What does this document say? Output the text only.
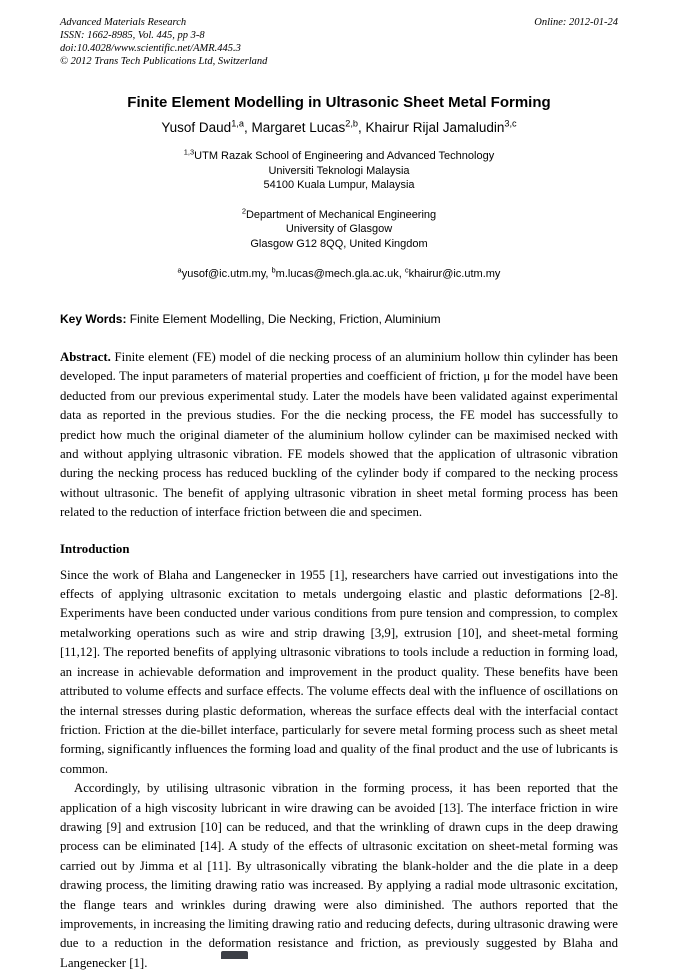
Advanced Materials Research
ISSN: 1662-8985, Vol. 445, pp 3-8
doi:10.4028/www.scientific.net/AMR.445.3
© 2012 Trans Tech Publications Ltd, Switzerland
Online: 2012-01-24
Finite Element Modelling in Ultrasonic Sheet Metal Forming
Yusof Daud$^{1,a}$, Margaret Lucas$^{2,b}$, Khairur Rijal Jamaludin$^{3,c}$
$^{1,3}$UTM Razak School of Engineering and Advanced Technology
Universiti Teknologi Malaysia
54100 Kuala Lumpur, Malaysia
$^2$Department of Mechanical Engineering
University of Glasgow
Glasgow G12 8QQ, United Kingdom
$^a$yusof@ic.utm.my, $^b$m.lucas@mech.gla.ac.uk, $^c$khairur@ic.utm.my
Key Words: Finite Element Modelling, Die Necking, Friction, Aluminium
Abstract. Finite element (FE) model of die necking process of an aluminium hollow thin cylinder has been developed. The input parameters of material properties and coefficient of friction, μ for the model have been deducted from our previous experimental study. Later the models have been validated against experimental data as reported in the previous studies. For the die necking process, the FE model has successfully to predict how much the original diameter of the aluminium hollow cylinder can be maximised necked with and without applying ultrasonic vibration. FE models showed that the application of ultrasonic vibration during the necking process has reduced buckling of the cylinder body if compared to the necking process without ultrasonic. The benefit of applying ultrasonic vibration in sheet metal forming process has been related to the reduction of interface friction between die and specimen.
Introduction
Since the work of Blaha and Langenecker in 1955 [1], researchers have carried out investigations into the effects of applying ultrasonic excitation to metals undergoing elastic and plastic deformations [2-8]. Experiments have been conducted under various conditions from pure tension and compression, to complex metalworking operations such as wire and strip drawing [3,9], extrusion [10], and sheet-metal forming [11,12]. The reported benefits of applying ultrasonic vibrations to tools include a reduction in forming load, an increase in achievable deformation and improvement in the product quality. These benefits have been attributed to volume effects and surface effects. The volume effects deal with the influence of oscillations on the internal stresses during plastic deformation, whereas the surface effects deal with the interfacial contact friction. Friction at the die-billet interface, particularly for severe metal forming process such as sheet metal forming, significantly influences the forming load and quality of the final product and the use of lubricants is common.
Accordingly, by utilising ultrasonic vibration in the forming process, it has been reported that the application of a high viscosity lubricant in wire drawing can be avoided [13]. The interface friction in wire drawing [9] and extrusion [10] can be reduced, and that the wrinkling of drawn cups in the deep drawing process can be eliminated [14]. A study of the effects of ultrasonic excitation on sheet-metal forming was carried out by Jimma et al [11]. By ultrasonically vibrating the blank-holder and the die plate in a deep drawing process, the limiting drawing ratio was increased. By applying a radial mode ultrasonic excitation, the flange tears and wrinkles during drawing were also diminished. The authors reported that the improvements, in increasing the limiting drawing ratio and reducing defects, during ultrasonic drawing were due to a reduction in the deformation resistance and friction, as previously suggested by Blaha and Langenecker [1].
